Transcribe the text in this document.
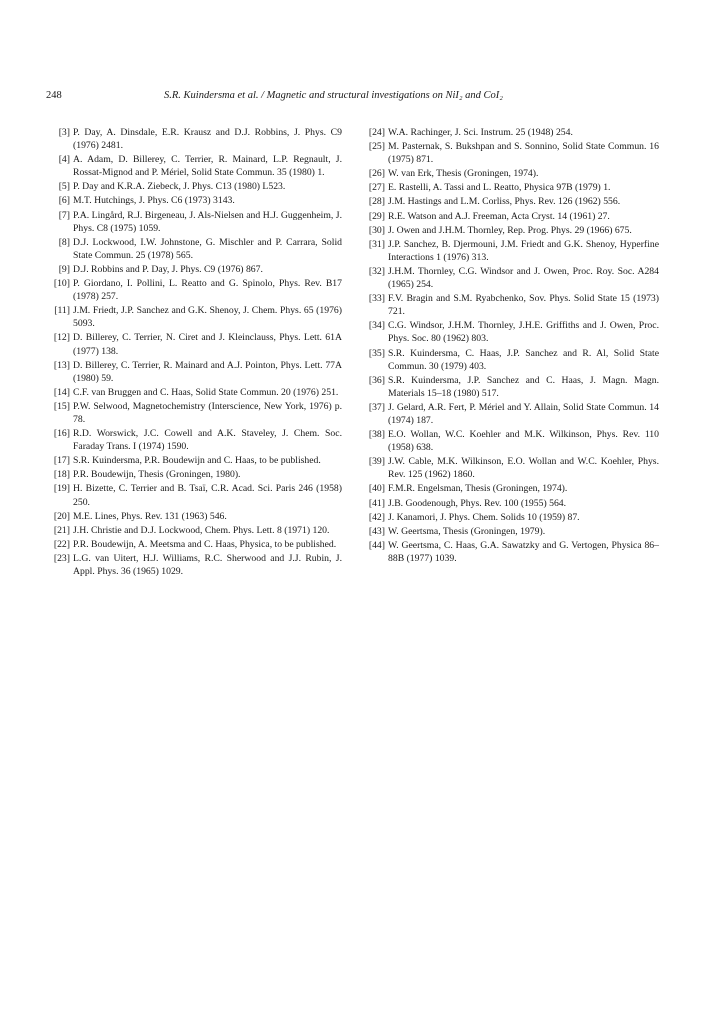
248	S.R. Kuindersma et al. / Magnetic and structural investigations on NiI₂ and CoI₂
[3] P. Day, A. Dinsdale, E.R. Krausz and D.J. Robbins, J. Phys. C9 (1976) 2481.
[4] A. Adam, D. Billerey, C. Terrier, R. Mainard, L.P. Regnault, J. Rossat-Mignod and P. Mériel, Solid State Commun. 35 (1980) 1.
[5] P. Day and K.R.A. Ziebeck, J. Phys. C13 (1980) L523.
[6] M.T. Hutchings, J. Phys. C6 (1973) 3143.
[7] P.A. Lingård, R.J. Birgeneau, J. Als-Nielsen and H.J. Guggenheim, J. Phys. C8 (1975) 1059.
[8] D.J. Lockwood, I.W. Johnstone, G. Mischler and P. Carrara, Solid State Commun. 25 (1978) 565.
[9] D.J. Robbins and P. Day, J. Phys. C9 (1976) 867.
[10] P. Giordano, I. Pollini, L. Reatto and G. Spinolo, Phys. Rev. B17 (1978) 257.
[11] J.M. Friedt, J.P. Sanchez and G.K. Shenoy, J. Chem. Phys. 65 (1976) 5093.
[12] D. Billerey, C. Terrier, N. Ciret and J. Kleinclauss, Phys. Lett. 61A (1977) 138.
[13] D. Billerey, C. Terrier, R. Mainard and A.J. Pointon, Phys. Lett. 77A (1980) 59.
[14] C.F. van Bruggen and C. Haas, Solid State Commun. 20 (1976) 251.
[15] P.W. Selwood, Magnetochemistry (Interscience, New York, 1976) p. 78.
[16] R.D. Worswick, J.C. Cowell and A.K. Staveley, J. Chem. Soc. Faraday Trans. I (1974) 1590.
[17] S.R. Kuindersma, P.R. Boudewijn and C. Haas, to be published.
[18] P.R. Boudewijn, Thesis (Groningen, 1980).
[19] H. Bizette, C. Terrier and B. Tsaï, C.R. Acad. Sci. Paris 246 (1958) 250.
[20] M.E. Lines, Phys. Rev. 131 (1963) 546.
[21] J.H. Christie and D.J. Lockwood, Chem. Phys. Lett. 8 (1971) 120.
[22] P.R. Boudewijn, A. Meetsma and C. Haas, Physica, to be published.
[23] L.G. van Uitert, H.J. Williams, R.C. Sherwood and J.J. Rubin, J. Appl. Phys. 36 (1965) 1029.
[24] W.A. Rachinger, J. Sci. Instrum. 25 (1948) 254.
[25] M. Pasternak, S. Bukshpan and S. Sonnino, Solid State Commun. 16 (1975) 871.
[26] W. van Erk, Thesis (Groningen, 1974).
[27] E. Rastelli, A. Tassi and L. Reatto, Physica 97B (1979) 1.
[28] J.M. Hastings and L.M. Corliss, Phys. Rev. 126 (1962) 556.
[29] R.E. Watson and A.J. Freeman, Acta Cryst. 14 (1961) 27.
[30] J. Owen and J.H.M. Thornley, Rep. Prog. Phys. 29 (1966) 675.
[31] J.P. Sanchez, B. Djermouni, J.M. Friedt and G.K. Shenoy, Hyperfine Interactions 1 (1976) 313.
[32] J.H.M. Thornley, C.G. Windsor and J. Owen, Proc. Roy. Soc. A284 (1965) 254.
[33] F.V. Bragin and S.M. Ryabchenko, Sov. Phys. Solid State 15 (1973) 721.
[34] C.G. Windsor, J.H.M. Thornley, J.H.E. Griffiths and J. Owen, Proc. Phys. Soc. 80 (1962) 803.
[35] S.R. Kuindersma, C. Haas, J.P. Sanchez and R. Al, Solid State Commun. 30 (1979) 403.
[36] S.R. Kuindersma, J.P. Sanchez and C. Haas, J. Magn. Magn. Materials 15–18 (1980) 517.
[37] J. Gelard, A.R. Fert, P. Mériel and Y. Allain, Solid State Commun. 14 (1974) 187.
[38] E.O. Wollan, W.C. Koehler and M.K. Wilkinson, Phys. Rev. 110 (1958) 638.
[39] J.W. Cable, M.K. Wilkinson, E.O. Wollan and W.C. Koehler, Phys. Rev. 125 (1962) 1860.
[40] F.M.R. Engelsman, Thesis (Groningen, 1974).
[41] J.B. Goodenough, Phys. Rev. 100 (1955) 564.
[42] J. Kanamori, J. Phys. Chem. Solids 10 (1959) 87.
[43] W. Geertsma, Thesis (Groningen, 1979).
[44] W. Geertsma, C. Haas, G.A. Sawatzky and G. Vertogen, Physica 86–88B (1977) 1039.
